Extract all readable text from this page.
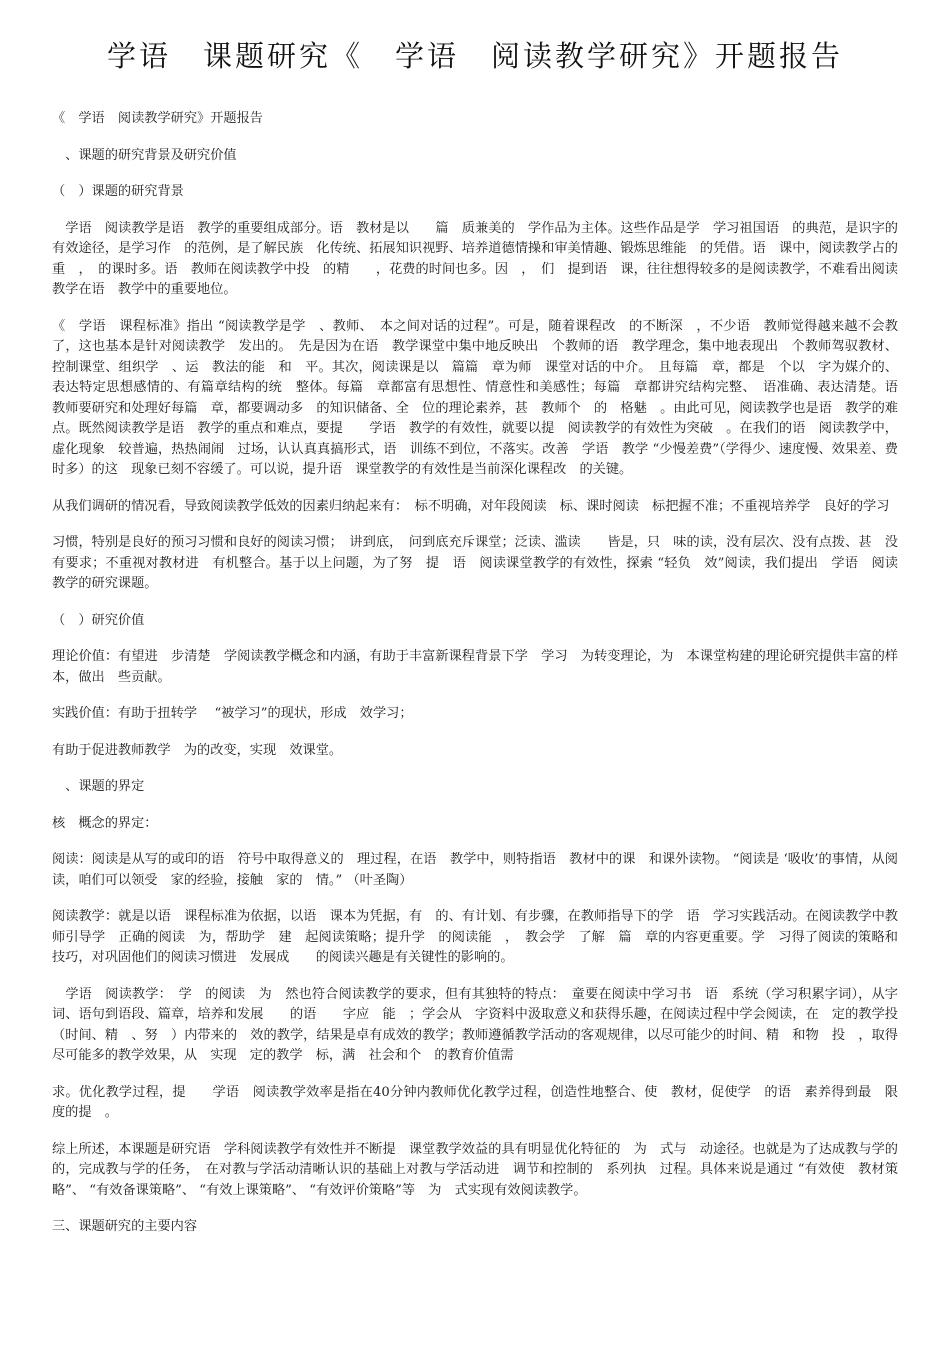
学语　课题研究《　学语　阅读教学研究》开题报告
《　学语　阅读教学研究》开题报告
　、课题的研究背景及研究价值
（　）课题的研究背景
　学语　阅读教学是语　教学的重要组成部分。语　教材是以　　篇　质兼美的　学作品为主体。这些作品是学　学习祖国语　的典范，是识字的有效途径，是学习作　的范例，是了解民族　化传统、拓展知识视野、培养道德情操和审美情趣、锻炼思维能　的凭借。语　课中，阅读教学占的　重　，　的课时多。语　教师在阅读教学中投　的精　　，花费的时间也多。因　，　们　提到语　课，往往想得较多的是阅读教学，不难看出阅读教学在语　教学中的重要地位。
《　学语　课程标准》指出 “阅读教学是学　、教师、　本之间对话的过程”。可是，随着课程改　的不断深　，不少语　教师觉得越来越不会教了，这也基本是针对阅读教学　发出的。　先是因为在语　教学课堂中集中地反映出　个教师的语　教学理念，集中地表现出　个教师驾驭教材、控制课堂、组织学　、运　教法的能　和　平。其次，阅读课是以　篇篇　章为师　课堂对话的中介。　且每篇　章，都是　个以　字为媒介的、表达特定思想感情的、有篇章结构的统　整体。每篇　章都富有思想性、情意性和美感性；每篇　章都讲究结构完整、　语准确、表达清楚。语　教师要研究和处理好每篇　章，都要调动多　的知识储备、全　位的理论素养，甚　教师个　的　格魅　。由此可见，阅读教学也是语　教学的难点。既然阅读教学是语　教学的重点和难点，要提　　学语　教学的有效性，就要以提　阅读教学的有效性为突破　。在我们的语　阅读教学中，虚化现象　较普遍，热热闹闹　过场，认认真真搞形式，语　训练不到位，不落实。改善　学语　教学 “少慢差费”（学得少、速度慢、效果差、费时多）的这　现象已刻不容缓了。可以说，提升语　课堂教学的有效性是当前深化课程改　的关键。
从我们调研的情况看，导致阅读教学低效的因素归纳起来有：　标不明确，对年段阅读　标、课时阅读　标把握不准；不重视培养学　良好的学习
习惯，特别是良好的预习习惯和良好的阅读习惯；　讲到底，　问到底充斥课堂；泛读、滥读　　皆是，只　味的读，没有层次、没有点拨、甚　没有要求；不重视对教材进　有机整合。基于以上问题，为了努　提　语　阅读课堂教学的有效性，探索 “轻负　效”阅读，我们提出　学语　阅读教学的研究课题。
（　）研究价值
理论价值：有望进　步清楚　学阅读教学概念和内涵，有助于丰富新课程背景下学　学习　为转变理论，为　本课堂构建的理论研究提供丰富的样本，做出　些贡献。
实践价值：有助于扭转学　 “被学习”的现状，形成　效学习；
有助于促进教师教学　为的改变，实现　效课堂。
　、课题的界定
核　概念的界定：
阅读：阅读是从写的或印的语　符号中取得意义的　理过程，在语　教学中，则特指语　教材中的课　和课外读物。 “阅读是 ‘吸收’的事情，从阅读，咱们可以领受　家的经验，接触　家的　情。” （叶圣陶）
阅读教学：就是以语　课程标准为依据，以语　课本为凭据，有　的、有计划、有步骤，在教师指导下的学　语　学习实践活动。在阅读教学中教师引导学　正确的阅读　为，帮助学　建　起阅读策略；提升学　的阅读能　，　教会学　了解　篇　章的内容更重要。学　习得了阅读的策略和技巧，对巩固他们的阅读习惯进　发展成　　的阅读兴趣是有关键性的影响的。
　学语　阅读教学：　学　的阅读　为　然也符合阅读教学的要求，但有其独特的特点：　童要在阅读中学习书　语　系统（学习积累字词），从字词、语句到语段、篇章，培养和发展　　的语　　字应　能　；学会从　字资料中汲取意义和获得乐趣，在阅读过程中学会阅读，在　定的教学投　（时间、精　、努　）内带来的　效的教学，结果是卓有成效的教学；教师遵循教学活动的客观规律，以尽可能少的时间、精　和物　投　，取得尽可能多的教学效果，从　实现　定的教学　标，满　社会和个　的教育价值需
求。优化教学过程，提　　学语　阅读教学效率是指在40分钟内教师优化教学过程，创造性地整合、使　教材，促使学　的语　素养得到最　限度的提　。
综上所述，本课题是研究语　学科阅读教学有效性并不断提　课堂教学效益的具有明显优化特征的　为　式与　动途径。也就是为了达成教与学的　的，完成教与学的任务，　在对教与学活动清晰认识的基础上对教与学活动进　调节和控制的　系列执　过程。具体来说是通过 “有效使　教材策略”、 “有效备课策略”、 “有效上课策略”、 “有效评价策略”等　为　式实现有效阅读教学。
三、课题研究的主要内容
